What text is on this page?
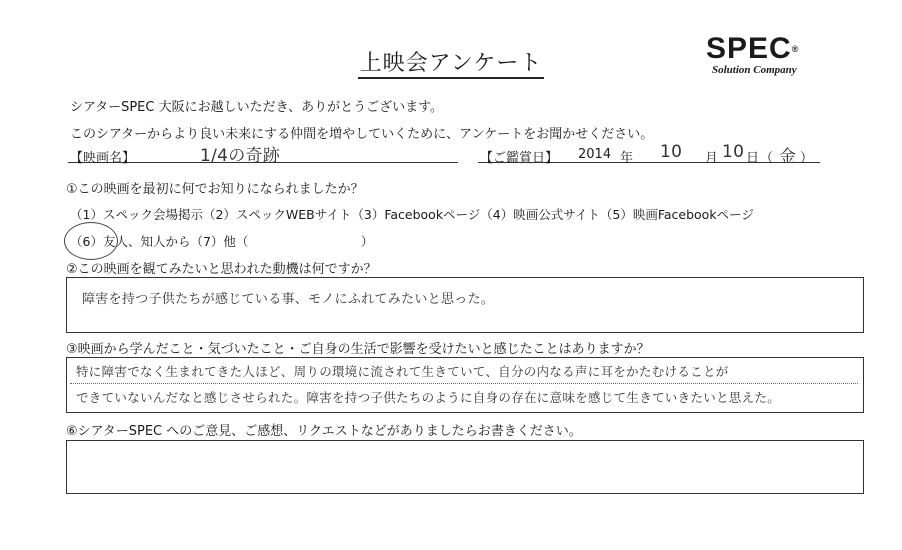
上映会アンケート	SPEC®
Solution Company
シアターSPEC 大阪にお越しいただき、ありがとうございます。
このシアターからより良い未来にする仲間を増やしていくために、アンケートをお聞かせください。
【映画名】	1/4の奇跡	【ご鑑賞日】 2014 年 10 月 10 日 （ 金 ）
①この映画を最初に何でお知りになられましたか？
（1）スペック会場掲示（2）スペックWEBサイト（3）Facebookページ（4）映画公式サイト（5）映画Facebookページ
（6）友人、知人から（7）他（　　　　　　　　　）
②この映画を観てみたいと思われた動機は何ですか？
障害を持つ子供たちが感じている事、モノにふれてみたいと思った。
③映画から学んだこと・気づいたこと・ご自身の生活で影響を受けたいと感じたことはありますか？
特に障害でなく生まれてきた人ほど、周りの環境に流されて生きていて、自分の内なる声に耳をかたむけることが
できていないんだなと感じさせられた。障害を持つ子供たちのように自身の存在に意味を感じて生きていきたいと思えた。
⑥シアターSPEC へのご意見、ご感想、リクエストなどがありましたらお書きください。
